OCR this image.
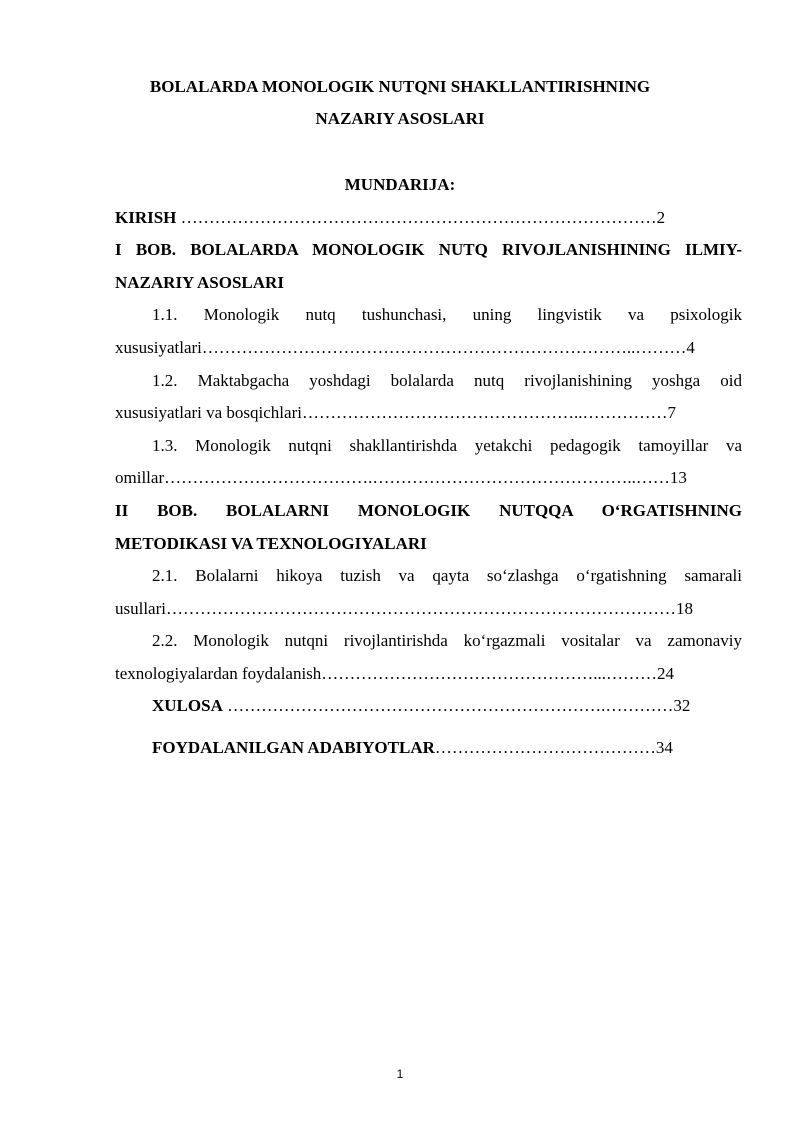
BOLALARDA MONOLOGIK NUTQNI SHAKLLANTIRISHNING
NAZARIY ASOSLARI
MUNDARIJA:
KIRISH …………………………………………………………………………2
I BOB. BOLALARDA MONOLOGIK NUTQ RIVOJLANISHINING ILMIY-
NAZARIY ASOSLARI
1.1. Monologik nutq tushunchasi, uning lingvistik va psixologik
xususiyatlari…………………………………………………………………..………4
1.2. Maktabgacha yoshdagi bolalarda nutq rivojlanishining yoshga oid
xususiyatlari va bosqichlari…………………………………………..……………7
1.3. Monologik nutqni shakllantirishda yetakchi pedagogik tamoyillar va
omillar……………………………….………………………………………..……13
II BOB. BOLALARNI MONOLOGIK NUTQQA O‘RGATISHNING
METODIKASI VA TEXNOLOGIYALARI
2.1. Bolalarni hikoya tuzish va qayta so‘zlashga o‘rgatishning samarali
usullari………………………………………………………………………………18
2.2. Monologik nutqni rivojlantirishda ko‘rgazmali vositalar va zamonaviy
texnologiyalardan foydalanish…………………………………………...………24
XULOSA ………………………………………………………….…………32
FOYDALANILGAN ADABIYOTLAR…………………………………34
1
